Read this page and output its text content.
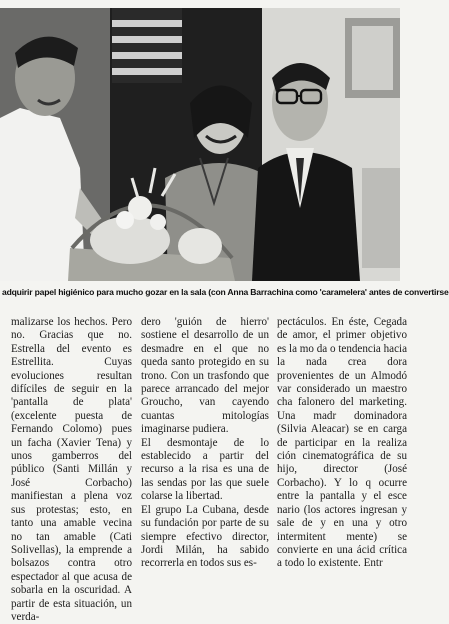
adquirir papel higiénico para mucho gozar en la sala (con Anna Barrachina como 'caramelera' antes de convertirse

malizarse los hechos. Pero no. Gracias que no. Estrella del evento es Estrellita. Cuyas evoluciones resultan difíciles de seguir en la 'pantalla de plata' (excelente puesta de Fernando Colomo) pues un facha (Xavier Tena) y unos gamberros del público (Santi Millán y José Corbacho) manifiestan a plena voz sus protestas; esto, en tanto una amable vecina no tan amable (Cati Solivellas), la emprende a bolsazos contra otro espectador al que acusa de sobarla en la oscuridad. A partir de esta situación, un verda-

dero 'guión de hierro' sostiene el desarrollo de un desmadre en el que no queda santo protegido en su trono. Con un trasfondo que parece arrancado del mejor Groucho, van cayendo cuantas mitologías imaginarse pudiera.

El desmontaje de lo establecido a partir del recurso a la risa es una de las sendas por las que suele colarse la libertad.

El grupo La Cubana, desde su fundación por parte de su siempre efectivo director, Jordi Milán, ha sabido recorrerla en todos sus es-

pectáculos. En éste, Cegada de amor, el primer objetivo es la mo da o tendencia hacia la nada crea dora provenientes de un Almodó var considerado un maestro cha falonero del marketing. Una madr dominadora (Silvia Aleacar) se en carga de participar en la realiza ción cinematográfica de su hijo, director (José Corbacho). Y lo q ocurre entre la pantalla y el esce nario (los actores ingresan y sale de y en una y otro intermitent mente) se convierte en una ácid crítica a todo lo existente. Entr
